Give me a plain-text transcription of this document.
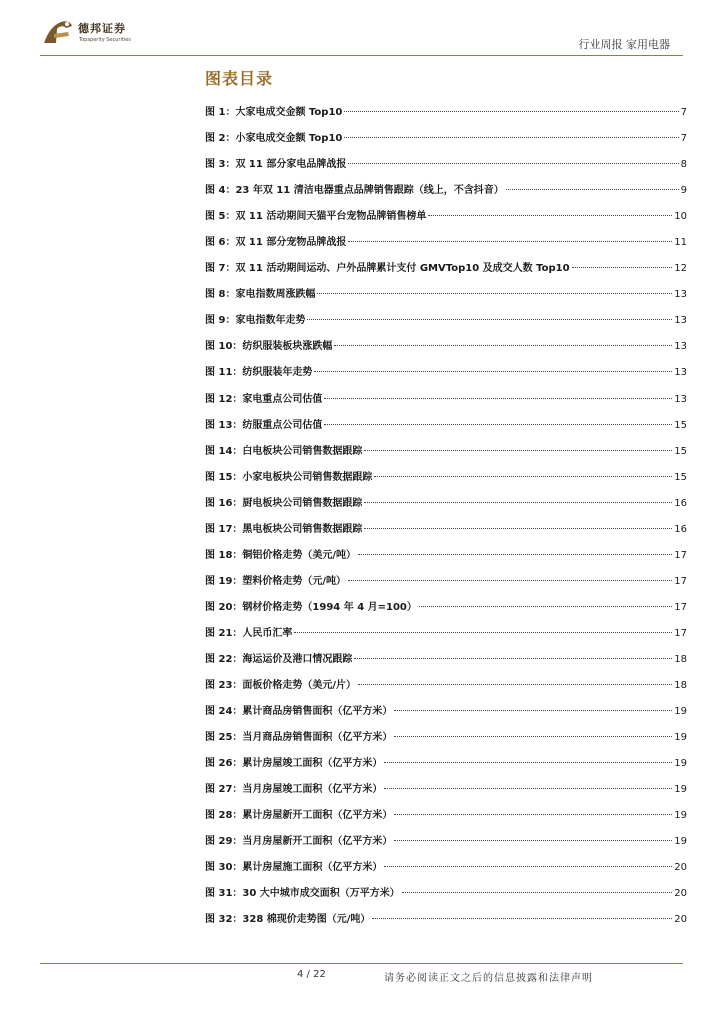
德邦证券
Topsperity Securities	行业周报 家用电器
图表目录
图 1： 大家电成交金额 Top10	7
图 2： 小家电成交金额 Top10	7
图 3： 双 11 部分家电品牌战报	8
图 4： 23 年双 11 清洁电器重点品牌销售跟踪（线上，不含抖音）	9
图 5： 双 11 活动期间天猫平台宠物品牌销售榜单	10
图 6： 双 11 部分宠物品牌战报	11
图 7： 双 11 活动期间运动、户外品牌累计支付 GMVTop10 及成交人数 Top10	12
图 8： 家电指数周涨跌幅	13
图 9： 家电指数年走势	13
图 10： 纺织服装板块涨跌幅	13
图 11： 纺织服装年走势	13
图 12： 家电重点公司估值	13
图 13： 纺服重点公司估值	15
图 14： 白电板块公司销售数据跟踪	15
图 15： 小家电板块公司销售数据跟踪	15
图 16： 厨电板块公司销售数据跟踪	16
图 17： 黑电板块公司销售数据跟踪	16
图 18： 铜铝价格走势（美元/吨）	17
图 19： 塑料价格走势（元/吨）	17
图 20： 钢材价格走势（1994 年 4 月=100）	17
图 21： 人民币汇率	17
图 22： 海运运价及港口情况跟踪	18
图 23： 面板价格走势（美元/片）	18
图 24： 累计商品房销售面积（亿平方米）	19
图 25： 当月商品房销售面积（亿平方米）	19
图 26： 累计房屋竣工面积（亿平方米）	19
图 27： 当月房屋竣工面积（亿平方米）	19
图 28： 累计房屋新开工面积（亿平方米）	19
图 29： 当月房屋新开工面积（亿平方米）	19
图 30： 累计房屋施工面积（亿平方米）	20
图 31： 30 大中城市成交面积（万平方米）	20
图 32： 328 棉现价走势图（元/吨）	20
4 / 22	请务必阅读正文之后的信息披露和法律声明
